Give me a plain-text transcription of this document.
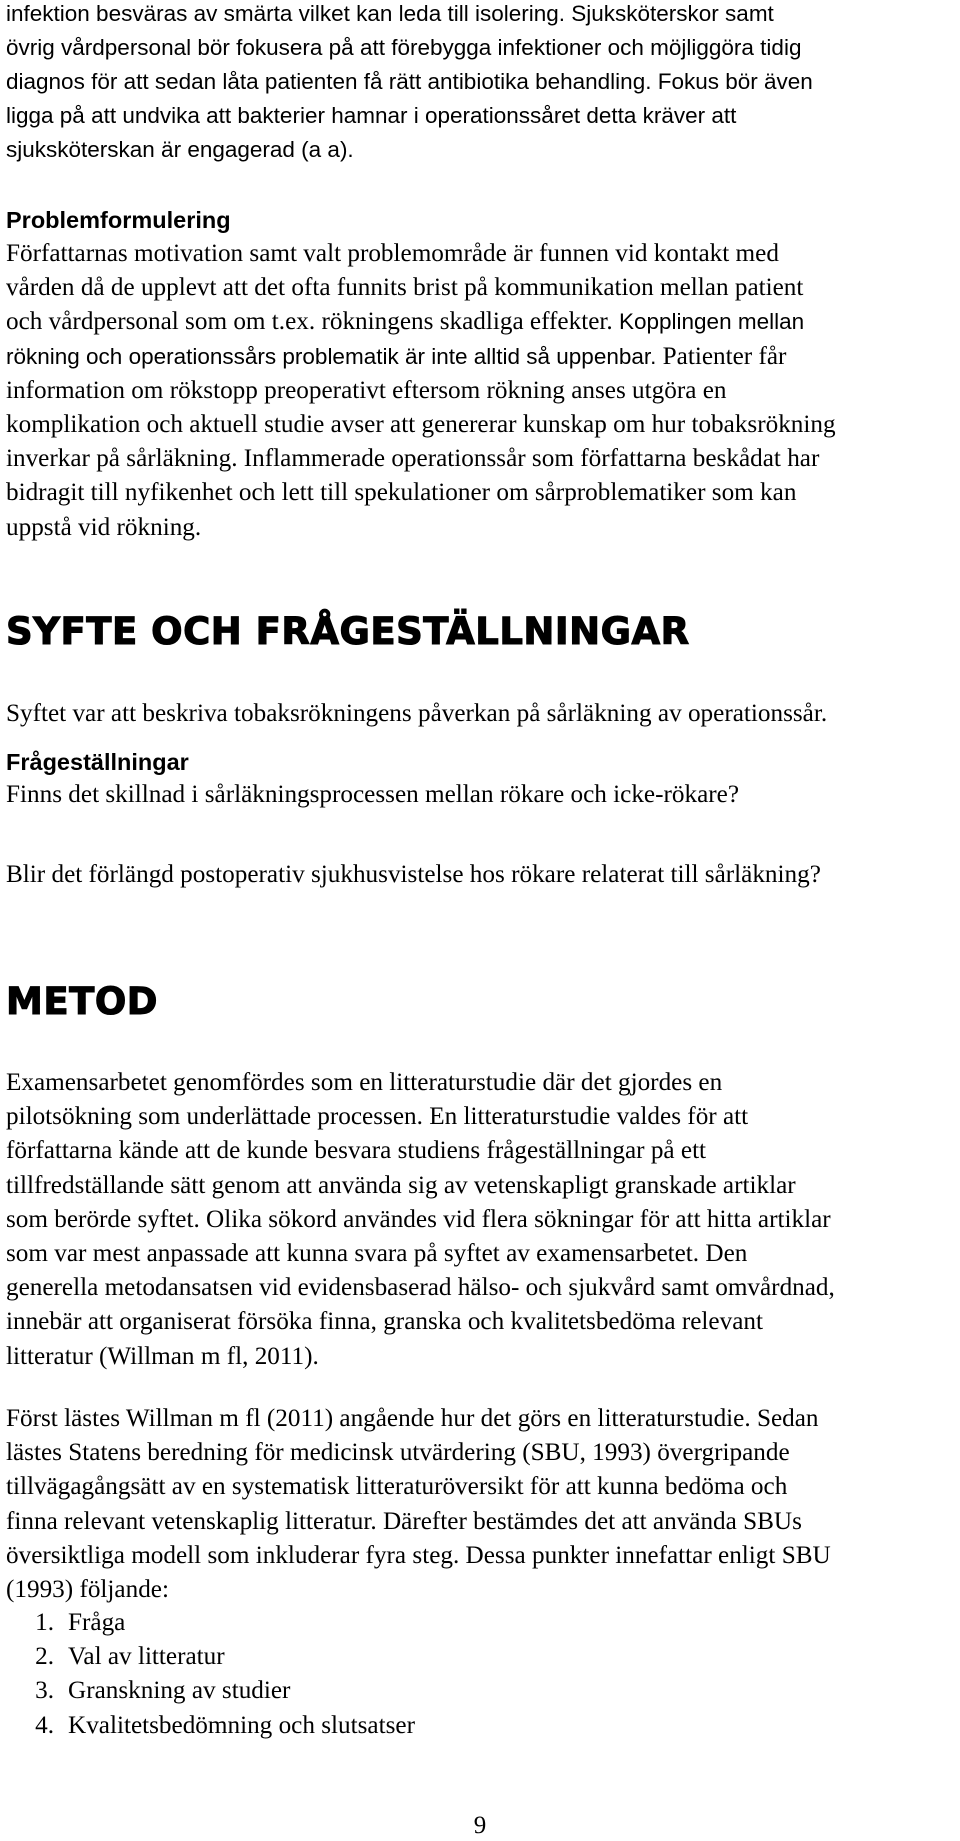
infektion besväras av smärta vilket kan leda till isolering. Sjuksköterskor samt
övrig vårdpersonal bör fokusera på att förebygga infektioner och möjliggöra tidig
diagnos för att sedan låta patienten få rätt antibiotika behandling. Fokus bör även
ligga på att undvika att bakterier hamnar i operationssåret detta kräver att
sjuksköterskan är engagerad (a a).
Problemformulering
Författarnas motivation samt valt problemområde är funnen vid kontakt med
vården då de upplevt att det ofta funnits brist på kommunikation mellan patient
och vårdpersonal som om t.ex. rökningens skadliga effekter. Kopplingen mellan
rökning och operationssårs problematik är inte alltid så uppenbar. Patienter får
information om rökstopp preoperativt eftersom rökning anses utgöra en
komplikation och aktuell studie avser att genererar kunskap om hur tobaksrökning
inverkar på sårläkning. Inflammerade operationssår som författarna beskådat har
bidragit till nyfikenhet och lett till spekulationer om sårproblematiker som kan
uppstå vid rökning.
SYFTE OCH FRÅGESTÄLLNINGAR
Syftet var att beskriva tobaksrökningens påverkan på sårläkning av operationssår.
Frågeställningar
Finns det skillnad i sårläkningsprocessen mellan rökare och icke-rökare?
Blir det förlängd postoperativ sjukhusvistelse hos rökare relaterat till sårläkning?
METOD
Examensarbetet genomfördes som en litteraturstudie där det gjordes en
pilotsökning som underlättade processen. En litteraturstudie valdes för att
författarna kände att de kunde besvara studiens frågeställningar på ett
tillfredställande sätt genom att använda sig av vetenskapligt granskade artiklar
som berörde syftet. Olika sökord användes vid flera sökningar för att hitta artiklar
som var mest anpassade att kunna svara på syftet av examensarbetet. Den
generella metodansatsen vid evidensbaserad hälso- och sjukvård samt omvårdnad,
innebär att organiserat försöka finna, granska och kvalitetsbedöma relevant
litteratur (Willman m fl, 2011).
Först lästes Willman m fl (2011) angående hur det görs en litteraturstudie. Sedan
lästes Statens beredning för medicinsk utvärdering (SBU, 1993) övergripande
tillvägagångsätt av en systematisk litteraturöversikt för att kunna bedöma och
finna relevant vetenskaplig litteratur. Därefter bestämdes det att använda SBUs
översiktliga modell som inkluderar fyra steg. Dessa punkter innefattar enligt SBU
(1993) följande:
1. Fråga
2. Val av litteratur
3. Granskning av studier
4. Kvalitetsbedömning och slutsatser
9
